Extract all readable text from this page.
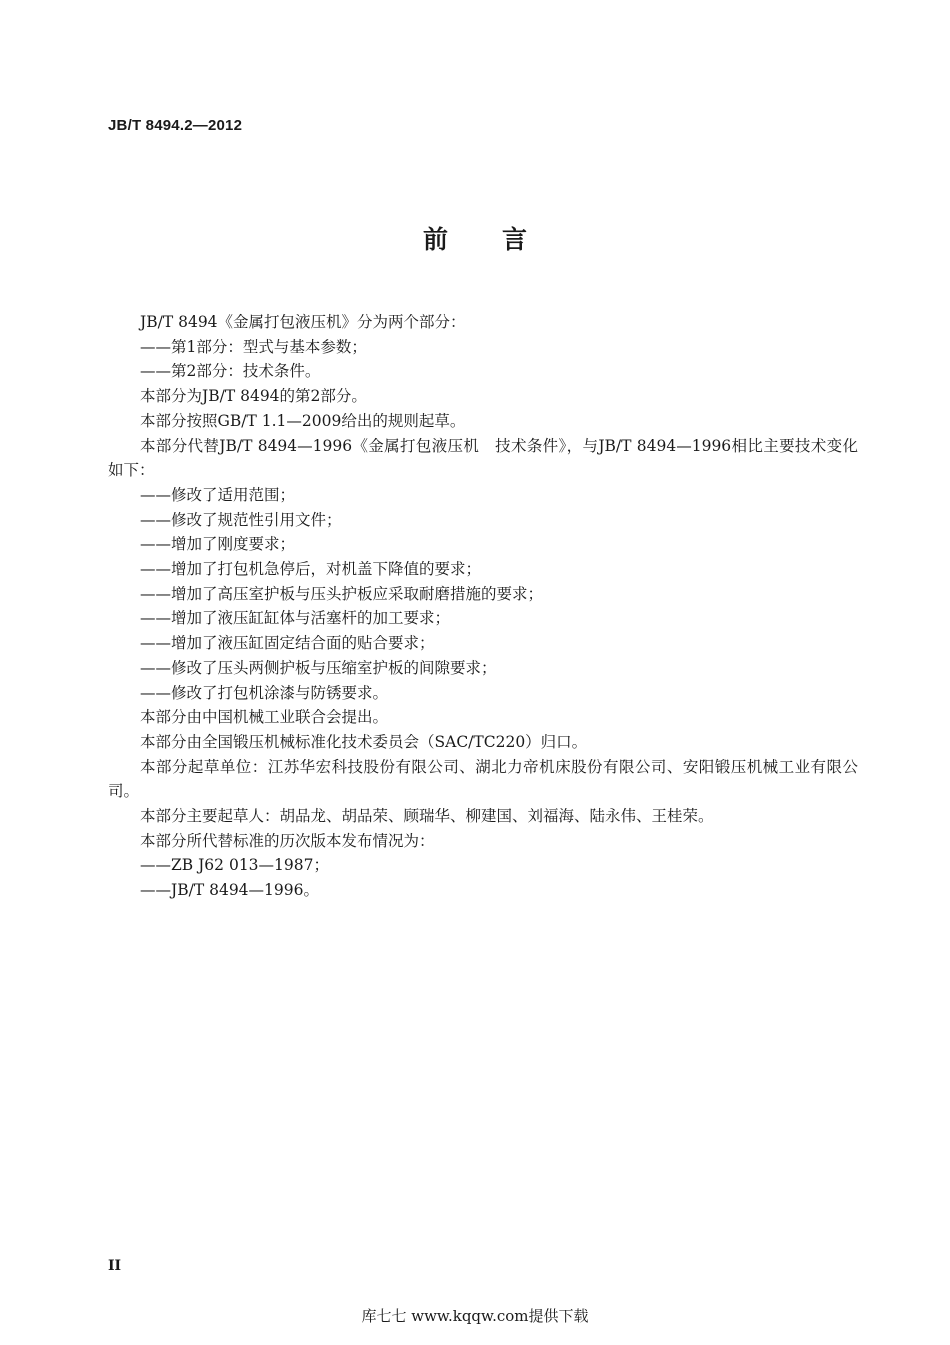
JB/T 8494.2—2012
前 言

JB/T 8494《金属打包液压机》分为两个部分：

——第1部分：型式与基本参数；

——第2部分：技术条件。

本部分为JB/T 8494的第2部分。

本部分按照GB/T 1.1—2009给出的规则起草。

本部分代替JB/T 8494—1996《金属打包液压机　技术条件》，与JB/T 8494—1996相比主要技术变化如下：

——修改了适用范围；

——修改了规范性引用文件；

——增加了刚度要求；

——增加了打包机急停后，对机盖下降值的要求；

——增加了高压室护板与压头护板应采取耐磨措施的要求；

——增加了液压缸缸体与活塞杆的加工要求；

——增加了液压缸固定结合面的贴合要求；

——修改了压头两侧护板与压缩室护板的间隙要求；

——修改了打包机涂漆与防锈要求。

本部分由中国机械工业联合会提出。

本部分由全国锻压机械标准化技术委员会（SAC/TC220）归口。

本部分起草单位：江苏华宏科技股份有限公司、湖北力帝机床股份有限公司、安阳锻压机械工业有限公司。

本部分主要起草人：胡品龙、胡品荣、顾瑞华、柳建国、刘福海、陆永伟、王桂荣。

本部分所代替标准的历次版本发布情况为：

——ZB J62 013—1987；

——JB/T 8494—1996。

II
库七七 www.kqqw.com提供下载
